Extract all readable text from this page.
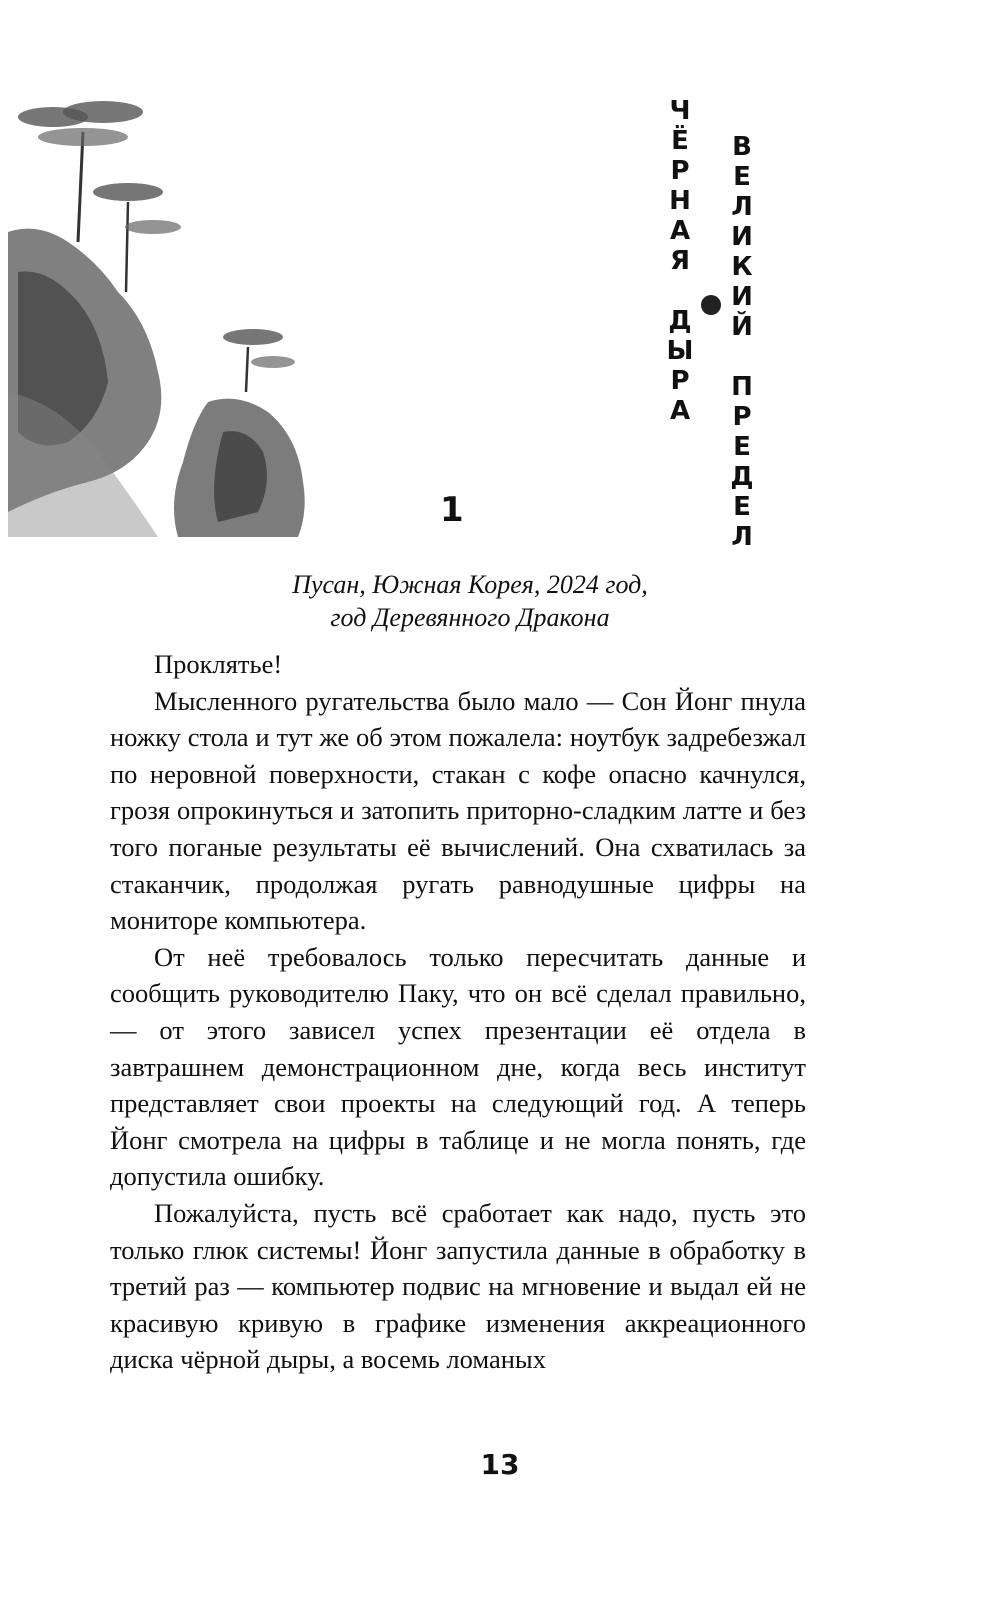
Ч
Ё
Р
Н
А
Я
Д
Ы
Р
А
В
Е
Л
И
К
И
Й
П
Р
Е
Д
Е
Л
1
Пусан, Южная Корея, 2024 год,
год Деревянного Дракона

Проклятье!

Мысленного ругательства было мало — Сон Йонг пнула ножку стола и тут же об этом пожалела: ноутбук задребезжал по неровной поверхности, стакан с кофе опасно качнулся, грозя опрокинуться и затопить приторно-сладким латте и без того поганые результаты её вычислений. Она схватилась за стаканчик, продолжая ругать равнодушные цифры на мониторе компьютера.

От неё требовалось только пересчитать данные и сообщить руководителю Паку, что он всё сделал правильно, — от этого зависел успех презентации её отдела в завтрашнем демонстрационном дне, когда весь институт представляет свои проекты на следующий год. А теперь Йонг смотрела на цифры в таблице и не могла понять, где допустила ошибку.

Пожалуйста, пусть всё сработает как надо, пусть это только глюк системы! Йонг запустила данные в обработку в третий раз — компьютер подвис на мгновение и выдал ей не красивую кривую в графике изменения аккреационного диска чёрной дыры, а восемь ломаных

13
